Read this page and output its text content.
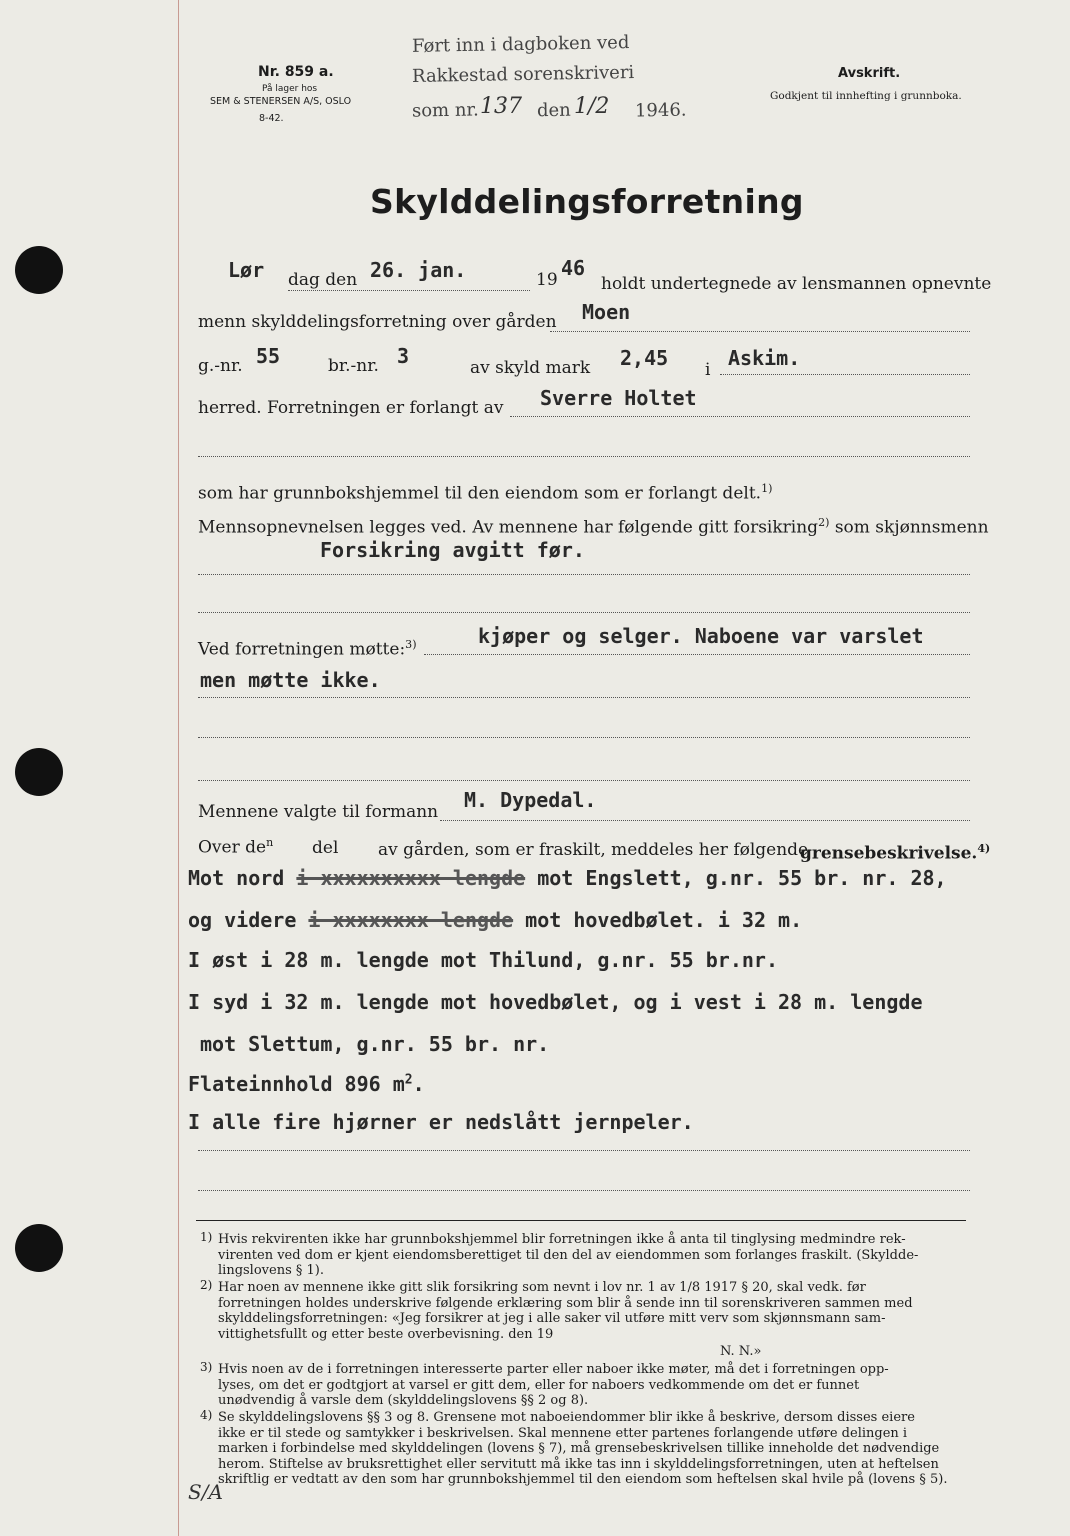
Nr. 859 a.
På lager hos
SEM & STENERSEN A/S, OSLO
8-42.
Ført inn i dagboken ved
Rakkestad sorenskriveri
som nr. 137 den 1/2 1946.
Avskrift.
Godkjent til innhefting i grunnboka.
Skylddelingsforretning
Lør dag den 26. jan.	19 46
holdt undertegnede av lensmannen opnevnte
menn skylddelingsforretning over gården Moen
g.-nr. 55	br.-nr. 3	av skyld mark 2,45 i Askim.
herred. Forretningen er forlangt av Sverre Holtet
som har grunnbokshjemmel til den eiendom som er forlangt delt.$^{1)}$
Mennsopnevnelsen legges ved. Av mennene har følgende gitt forsikring$^{2)}$ som skjønnsmenn
Forsikring avgitt før.
Ved forretningen møtte:$^{3)}$	kjøper og selger. Naboene var varslet
men møtte ikke.
Mennene valgte til formann M. Dypedal.
Over $de^n$ del av gården, som er fraskilt, meddeles her følgende
grensebeskrivelse.$^{4)}$
Mot nord i xxxxxxxxxx lengde mot Engslett, g.nr. 55 br. nr. 28,
og videre i xxxxxxxx lengde mot hovedbølet. i 32 m.
I øst i 28 m. lengde mot Thilund, g.nr. 55 br.nr.
I syd i 32 m. lengde mot hovedbølet, og i vest i 28 m. lengde
mot Slettum, g.nr. 55 br. nr.
Flateinnhold 896 $m^2$.
I alle fire hjørner er nedslått jernpeler.
1) Hvis rekvirenten ikke har grunnbokshjemmel blir forretningen ikke å anta til tinglysing medmindre rek-
virenten ved dom er kjent eiendomsberettiget til den del av eiendommen som forlanges fraskilt. (Skyldde-
lingslovens § 1).
2) Har noen av mennene ikke gitt slik forsikring som nevnt i lov nr. 1 av 1/8 1917 § 20, skal vedk. før
forretningen holdes underskrive følgende erklæring som blir å sende inn til sorenskriveren sammen med
skylddelingsforretningen: «Jeg forsikrer at jeg i alle saker vil utføre mitt verv som skjønnsmann sam-
vittighetsfullt og etter beste overbevisning. den 19
N. N.»
3) Hvis noen av de i forretningen interesserte parter eller naboer ikke møter, må det i forretningen opp-
lyses, om det er godtgjort at varsel er gitt dem, eller for naboers vedkommende om det er funnet
unødvendig å varsle dem (skylddelingslovens §§ 2 og 8).
4) Se skylddelingslovens §§ 3 og 8. Grensene mot naboeiendommer blir ikke å beskrive, dersom disses eiere
ikke er til stede og samtykker i beskrivelsen. Skal mennene etter partenes forlangende utføre delingen i
marken i forbindelse med skylddelingen (lovens § 7), må grensebeskrivelsen tillike inneholde det nødvendige
herom. Stiftelse av bruksrettighet eller servitutt må ikke tas inn i skylddelingsforretningen, uten at heftelsen
skriftlig er vedtatt av den som har grunnbokshjemmel til den eiendom som heftelsen skal hvile på (lovens § 5).
S/A
